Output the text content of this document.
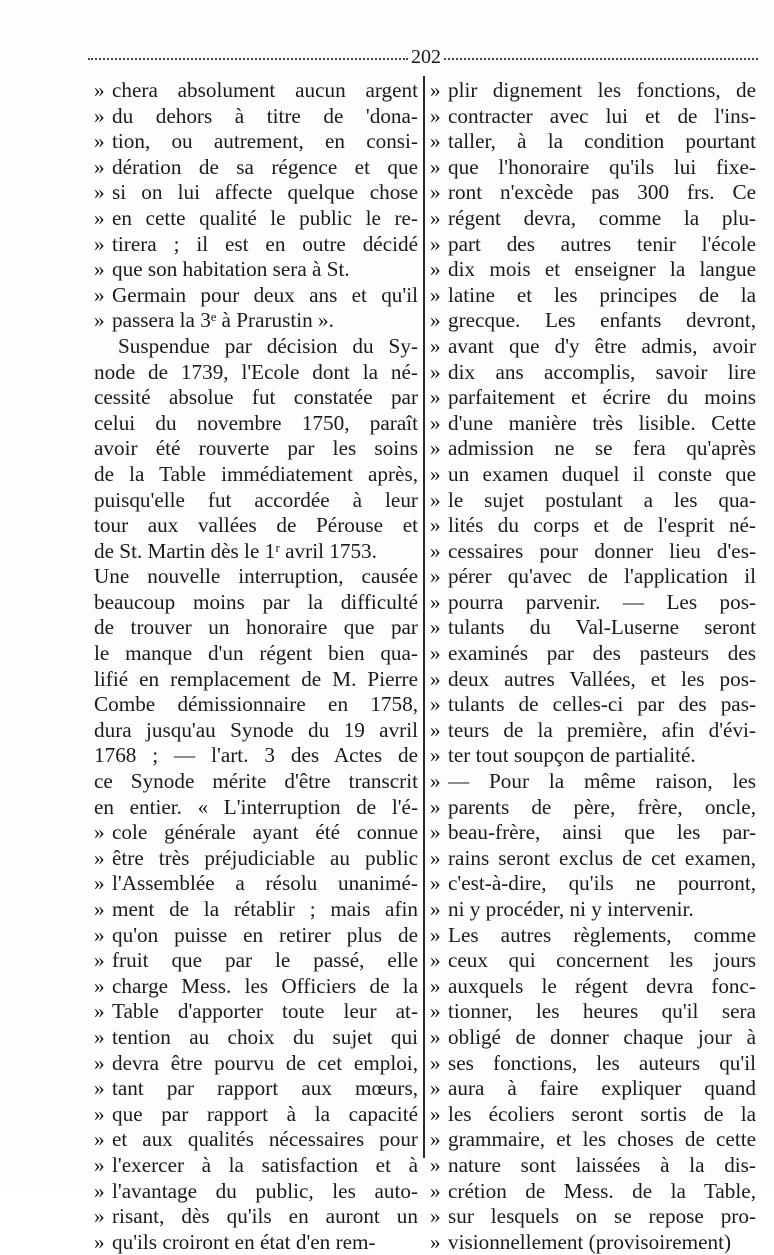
202
» chera absolument aucun argent
» du dehors à titre de 'dona-
» tion, ou autrement, en consi-
» dération de sa régence et que
» si on lui affecte quelque chose
» en cette qualité le public le re-
» tirera ; il est en outre décidé
» que son habitation sera à St.
» Germain pour deux ans et qu'il
» passera la 3ᵉ à Prarustin ».
Suspendue par décision du Sy-
node de 1739, l'Ecole dont la né-
cessité absolue fut constatée par
celui du novembre 1750, paraît
avoir été rouverte par les soins
de la Table immédiatement après,
puisqu'elle fut accordée à leur
tour aux vallées de Pérouse et
de St. Martin dès le 1ʳ avril 1753.
Une nouvelle interruption, causée
beaucoup moins par la difficulté
de trouver un honoraire que par
le manque d'un régent bien qua-
lifié en remplacement de M. Pierre
Combe démissionnaire en 1758,
dura jusqu'au Synode du 19 avril
1768 ; — l'art. 3 des Actes de
ce Synode mérite d'être transcrit
en entier. « L'interruption de l'é-
» cole générale ayant été connue
» être très préjudiciable au public
» l'Assemblée a résolu unanimé-
» ment de la rétablir ; mais afin
» qu'on puisse en retirer plus de
» fruit que par le passé, elle
» charge Mess. les Officiers de la
» Table d'apporter toute leur at-
» tention au choix du sujet qui
» devra être pourvu de cet emploi,
» tant par rapport aux mœurs,
» que par rapport à la capacité
» et aux qualités nécessaires pour
» l'exercer à la satisfaction et à
» l'avantage du public, les auto-
» risant, dès qu'ils en auront un
» qu'ils croiront en état d'en rem-
» plir dignement les fonctions, de
» contracter avec lui et de l'ins-
» taller, à la condition pourtant
» que l'honoraire qu'ils lui fixe-
» ront n'excède pas 300 frs. Ce
» régent devra, comme la plu-
» part des autres tenir l'école
» dix mois et enseigner la langue
» latine et les principes de la
» grecque. Les enfants devront,
» avant que d'y être admis, avoir
» dix ans accomplis, savoir lire
» parfaitement et écrire du moins
» d'une manière très lisible. Cette
» admission ne se fera qu'après
» un examen duquel il conste que
» le sujet postulant a les qua-
» lités du corps et de l'esprit né-
» cessaires pour donner lieu d'es-
» pérer qu'avec de l'application il
» pourra parvenir. — Les pos-
» tulants du Val-Luserne seront
» examinés par des pasteurs des
» deux autres Vallées, et les pos-
» tulants de celles-ci par des pas-
» teurs de la première, afin d'évi-
» ter tout soupçon de partialité.
» — Pour la même raison, les
» parents de père, frère, oncle,
» beau-frère, ainsi que les par-
» rains seront exclus de cet examen,
» c'est-à-dire, qu'ils ne pourront,
» ni y procéder, ni y intervenir.
» Les autres règlements, comme
» ceux qui concernent les jours
» auxquels le régent devra fonc-
» tionner, les heures qu'il sera
» obligé de donner chaque jour à
» ses fonctions, les auteurs qu'il
» aura à faire expliquer quand
» les écoliers seront sortis de la
» grammaire, et les choses de cette
» nature sont laissées à la dis-
» crétion de Mess. de la Table,
» sur lesquels on se repose pro-
» visionnellement (provisoirement)
